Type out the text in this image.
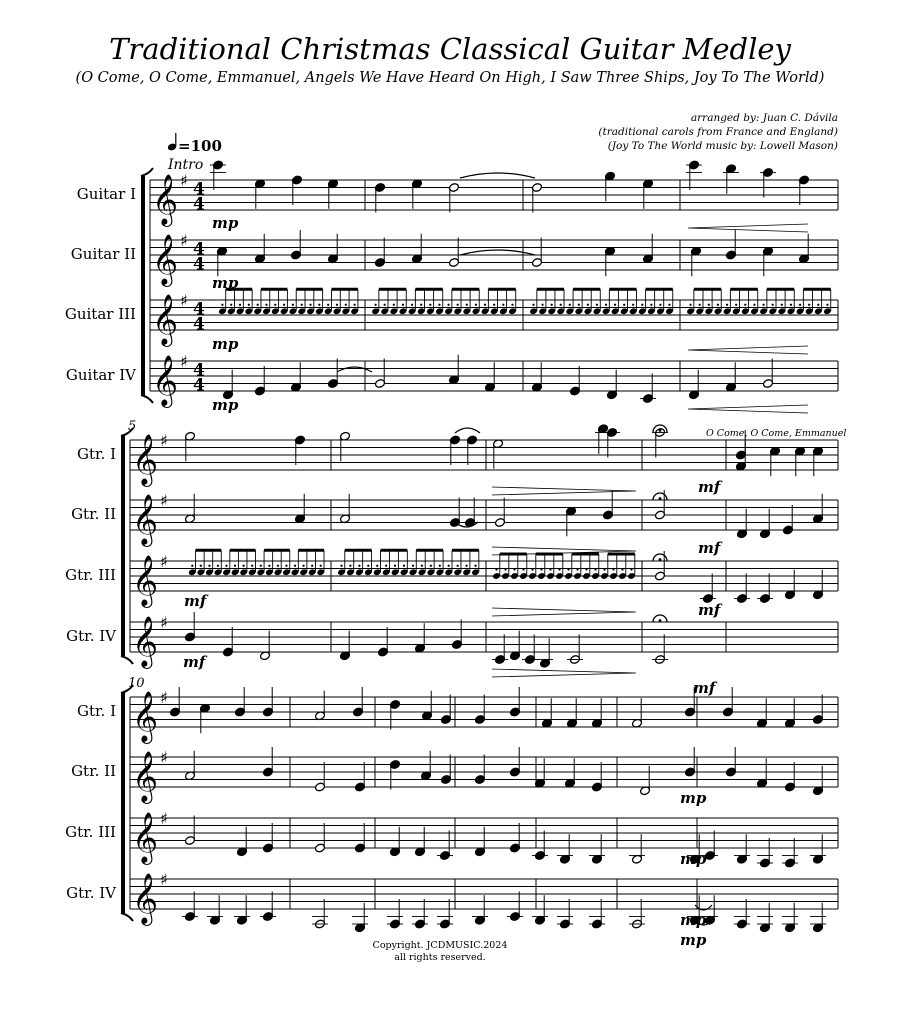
Traditional Christmas Classical Guitar Medley
(O Come, O Come, Emmanuel, Angels We Have Heard On High, I Saw Three Ships, Joy To The World)
arranged by: Juan C. Dávila
(traditional carols from France and England)
(Joy To The World music by: Lowell Mason)
=100
Intro
𝄞 ♯ 4
4
Guitar I
𝄞 ♯ 4
4
Guitar II
𝄞 ♯ 4
4
Guitar III
𝄞 ♯ 4
4
Guitar IV
𝄞 ♯
Gtr. I
𝄞 ♯
Gtr. II
𝄞 ♯
Gtr. III
𝄞 ♯
Gtr. IV
5
𝄞 ♯
Gtr. I
𝄞 ♯
Gtr. II
𝄞 ♯
Gtr. III
𝄞 ♯
Gtr. IV
10
mp
mp
mp
mp
mf
mf
mf
mf
mf
mf
mp
mp
mp
mp
O Come, O Come, Emmanuel
Copyright. JCDMUSIC.2024
all rights reserved.
